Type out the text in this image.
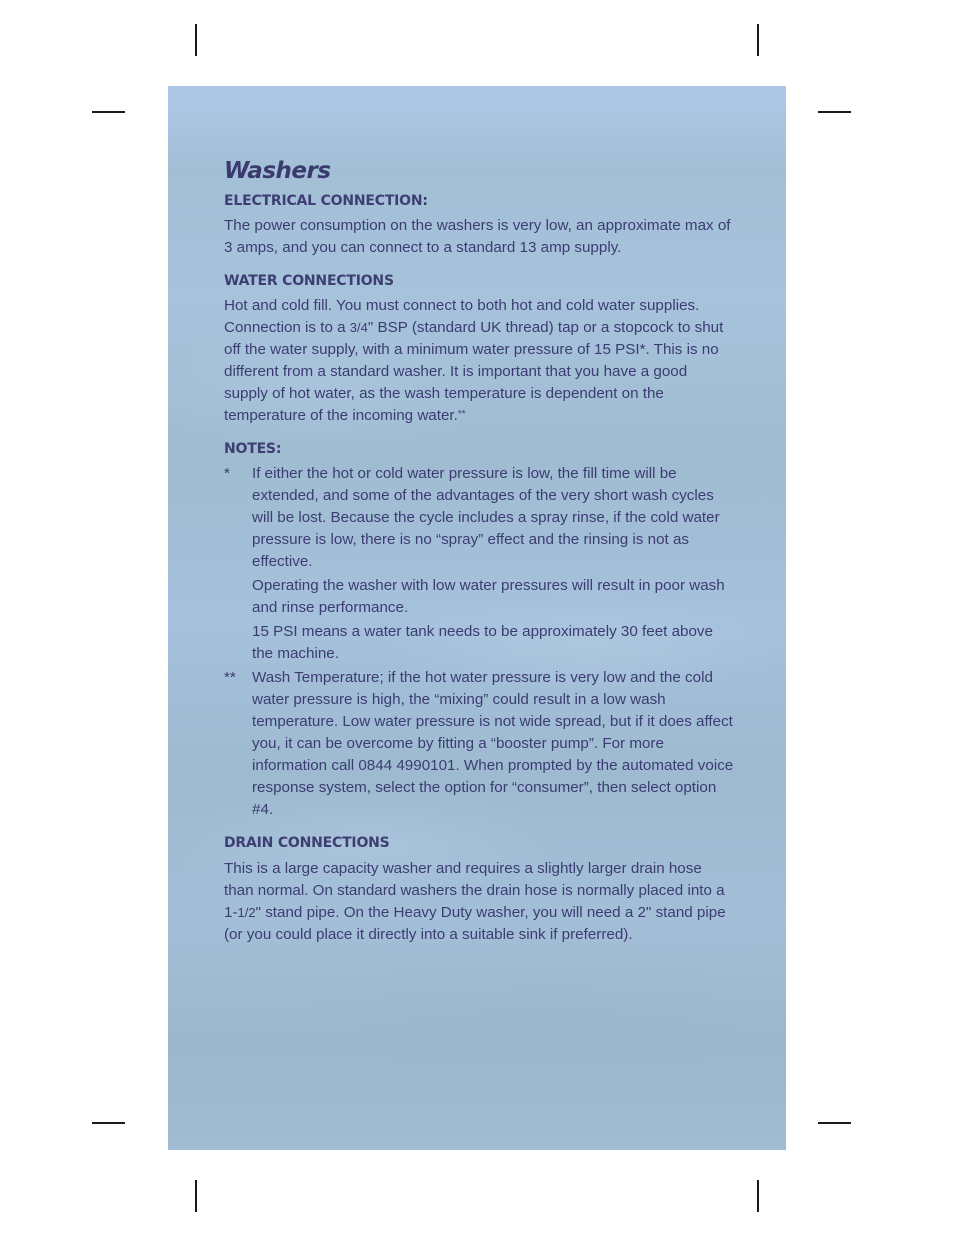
Washers
ELECTRICAL CONNECTION:

The power consumption on the washers is very low, an approximate max of 3 amps, and you can connect to a standard 13 amp supply.

WATER CONNECTIONS

Hot and cold fill. You must connect to both hot and cold water supplies. Connection is to a 3/4" BSP (standard UK thread) tap or a stopcock to shut off the water supply, with a minimum water pressure of 15 PSI*. This is no different from a standard washer. It is important that you have a good supply of hot water, as the wash temperature is dependent on the temperature of the incoming water.**

NOTES:
*	If either the hot or cold water pressure is low, the fill time will be extended, and some of the advantages of the very short wash cycles will be lost. Because the cycle includes a spray rinse, if the cold water pressure is low, there is no “spray” effect and the rinsing is not as effective.

Operating the washer with low water pressures will result in poor wash and rinse performance.

15 PSI means a water tank needs to be approximately 30 feet above the machine.

**	Wash Temperature; if the hot water pressure is very low and the cold water pressure is high, the “mixing” could result in a low wash temperature. Low water pressure is not wide spread, but if it does affect you, it can be overcome by fitting a “booster pump”. For more information call 0844 4990101. When prompted by the automated voice response system, select the option for “consumer”, then select option #4.
DRAIN CONNECTIONS

This is a large capacity washer and requires a slightly larger drain hose than normal. On standard washers the drain hose is normally placed into a 1-1/2" stand pipe. On the Heavy Duty washer, you will need a 2" stand pipe (or you could place it directly into a suitable sink if preferred).
